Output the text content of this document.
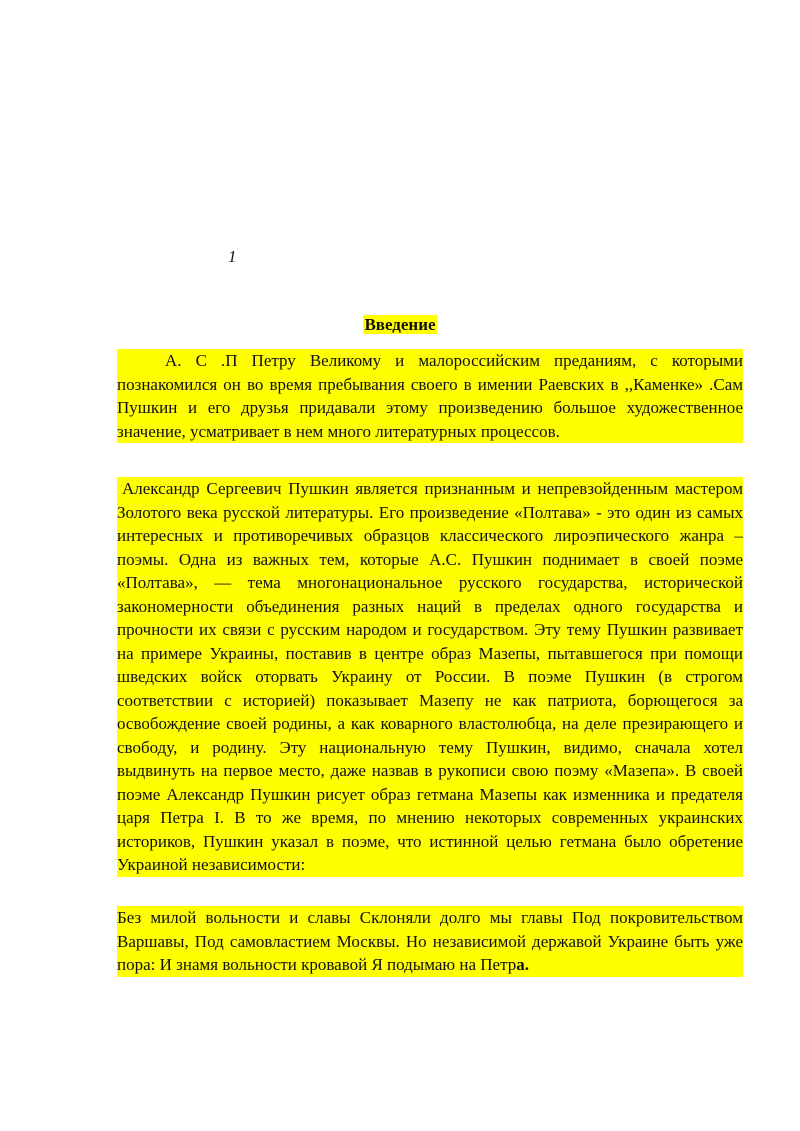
1
Введение

А. С .П Петру Великому и малороссийским преданиям, с которыми познакомился он во время пребывания своего в имении Раевских в ,,Каменке» .Сам Пушкин и его друзья придавали этому произведению большое художественное значение, усматривает в нем много литературных процессов.

Александр Сергеевич Пушкин является признанным и непревзойденным мастером Золотого века русской литературы. Его произведение «Полтава» - это один из самых интересных и противоречивых образцов классического лироэпического жанра – поэмы. Одна из важных тем, которые А.С. Пушкин поднимает в своей поэме «Полтава», — тема многонациональное русского государства, исторической закономерности объединения разных наций в пределах одного государства и прочности их связи с русским народом и государством. Эту тему Пушкин развивает на примере Украины, поставив в центре образ Мазепы, пытавшегося при помощи шведских войск оторвать Украину от России. В поэме Пушкин (в строгом соответствии с историей) показывает Мазепу не как патриота, борющегося за освобождение своей родины, а как коварного властолюбца, на деле презирающего и свободу, и родину. Эту национальную тему Пушкин, видимо, сначала хотел выдвинуть на первое место, даже назвав в рукописи свою поэму «Мазепа». В своей поэме Александр Пушкин рисует образ гетмана Мазепы как изменника и предателя царя Петра I. В то же время, по мнению некоторых современных украинских историков, Пушкин указал в поэме, что истинной целью гетмана было обретение Украиной независимости:

Без милой вольности и славы Склоняли долго мы главы Под покровительством Варшавы, Под самовластием Москвы. Но независимой державой Украине быть уже пора: И знамя вольности кровавой Я подымаю на Петра.
